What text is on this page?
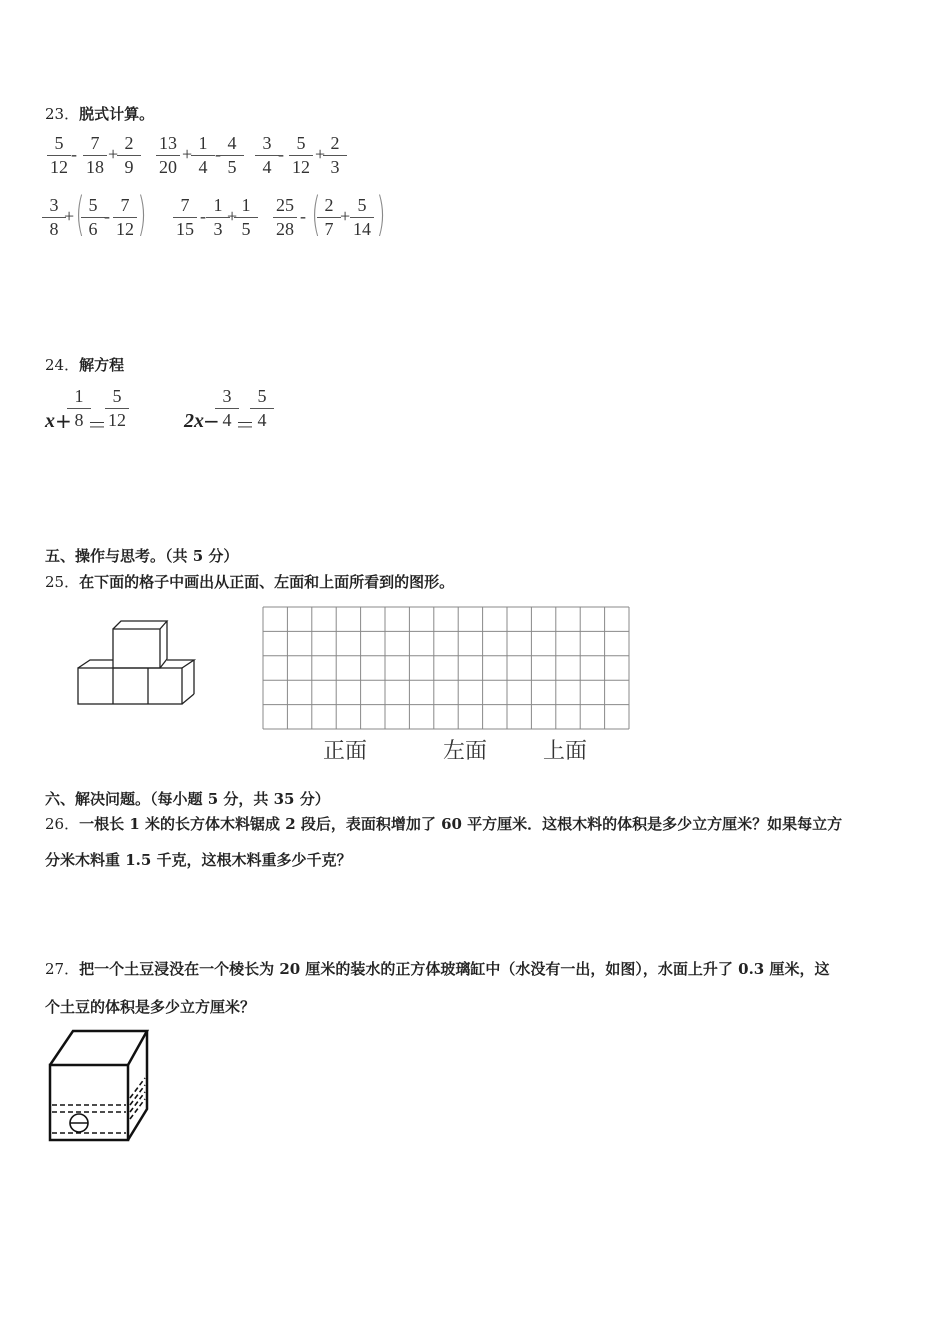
23．脱式计算。
5
12
-
7
18
+
2
9
13
20
+
1
4
-
4
5
3
4
-
5
12
+
2
3
3
8
+ ( 5
6
-
7
12 )	7
15
-
1
3
+
1
5
25
28
- ( 2
7
+
5
14 )
24．解方程
x +
1
8 ＝
5
12	2x −
3
4 ＝
5
4
五、操作与思考。（共 5 分）
25．在下面的格子中画出从正面、左面和上面所看到的图形。
正面	左面	上面
六、解决问题。（每小题 5 分，共 35 分）
26．一根长 1 米的长方体木料锯成 2 段后，表面积增加了 60 平方厘米．这根木料的体积是多少立方厘米？如果每立方
分米木料重 1.5 千克，这根木料重多少千克？
27．把一个土豆浸没在一个棱长为 20 厘米的装水的正方体玻璃缸中（水没有一出，如图），水面上升了 0.3 厘米，这
个土豆的体积是多少立方厘米？
